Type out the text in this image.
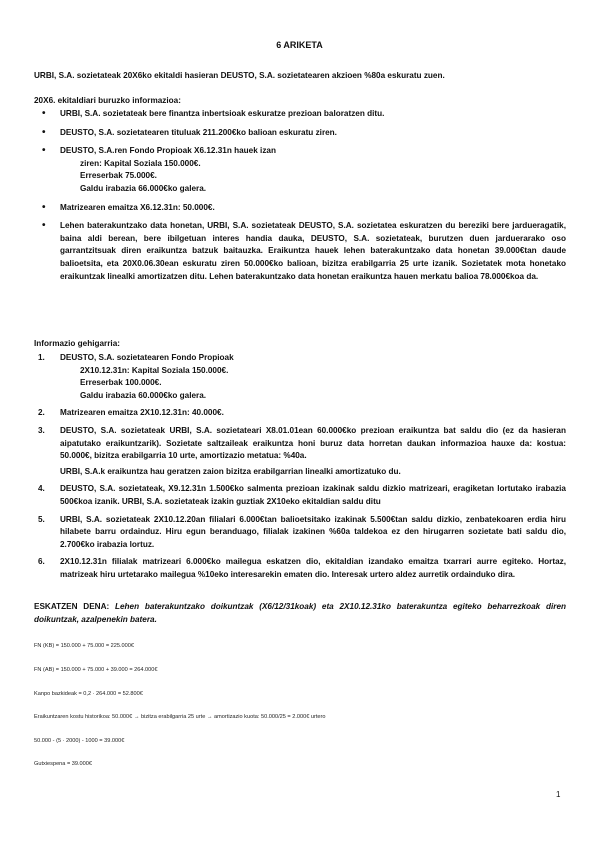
6 ARIKETA
URBI, S.A. sozietateak 20X6ko ekitaldi hasieran DEUSTO, S.A. sozietatearen akzioen %80a eskuratu zuen.
20X6. ekitaldiari buruzko informazioa:
• URBI, S.A. sozietateak bere finantza inbertsioak eskuratze prezioan baloratzen ditu.
• DEUSTO, S.A. sozietatearen tituluak 211.200€ko balioan eskuratu ziren.
• DEUSTO, S.A.ren Fondo Propioak X6.12.31n hauek izan
ziren: Kapital Soziala 150.000€.
Erreserbak 75.000€.
Galdu irabazia 66.000€ko galera.
• Matrizearen emaitza X6.12.31n: 50.000€.
• Lehen baterakuntzako data honetan, URBI, S.A. sozietateak DEUSTO, S.A. sozietatea eskuratzen du bereziki bere jardueragatik, baina aldi berean, bere ibilgetuan interes handia dauka, DEUSTO, S.A. sozietateak, burutzen duen jarduerarako oso garrantzitsuak diren eraikuntza batzuk baitauzka. Eraikuntza hauek lehen baterakuntzako data honetan 39.000€tan daude balioetsita, eta 20X0.06.30ean eskuratu ziren 50.000€ko balioan, bizitza erabilgarria 25 urte izanik. Sozietatek mota honetako eraikuntzak linealki amortizatzen ditu. Lehen baterakuntzako data honetan eraikuntza hauen merkatu balioa 78.000€koa da.
Informazio gehigarria:
1. DEUSTO, S.A. sozietatearen Fondo Propioak
2X10.12.31n: Kapital Soziala 150.000€.
Erreserbak 100.000€.
Galdu irabazia 60.000€ko galera.
2. Matrizearen emaitza 2X10.12.31n: 40.000€.
3. DEUSTO, S.A. sozietateak URBI, S.A. sozietateari X8.01.01ean 60.000€ko prezioan eraikuntza bat saldu dio (ez da hasieran aipatutako eraikuntzarik). Sozietate saltzaileak eraikuntza honi buruz data horretan daukan informazioa hauxe da: kostua: 50.000€, bizitza erabilgarria 10 urte, amortizazio metatua: %40a.
URBI, S.A.k eraikuntza hau geratzen zaion bizitza erabilgarrian linealki amortizatuko du.
4. DEUSTO, S.A. sozietateak, X9.12.31n 1.500€ko salmenta prezioan izakinak saldu dizkio matrizeari, eragiketan lortutako irabazia 500€koa izanik. URBI, S.A. sozietateak izakin guztiak 2X10eko ekitaldian saldu ditu
5. URBI, S.A. sozietateak 2X10.12.20an filialari 6.000€tan balioetsitako izakinak 5.500€tan saldu dizkio, zenbatekoaren erdia hiru hilabete barru ordainduz. Hiru egun beranduago, filialak izakinen %60a taldekoa ez den hirugarren sozietate bati saldu dio, 2.700€ko irabazia lortuz.
6. 2X10.12.31n filialak matrizeari 6.000€ko mailegua eskatzen dio, ekitaldian izandako emaitza txarrari aurre egiteko. Hortaz, matrizeak hiru urtetarako mailegua %10eko interesarekin ematen dio. Interesak urtero aldez aurretik ordainduko dira.
ESKATZEN DENA: Lehen baterakuntzako doikuntzak (X6/12/31koak) eta 2X10.12.31ko baterakuntza egiteko beharrezkoak diren doikuntzak, azalpenekin batera.
FN (KB) = 150.000 + 75.000 = 225.000€
FN (AB) = 150.000 + 75.000 + 39.000 = 264.000€
Kanpo bazkideak = 0,2 · 264.000 = 52.800€
Eraikuntzaren kostu historikoa: 50.000€ → bizitza erabilgarria 25 urte → amortizazio kuota: 50.000/25 = 2.000€ urtero
50.000 - (5 · 2000) - 1000 = 39.000€
Gutxiespena = 39.000€
1
